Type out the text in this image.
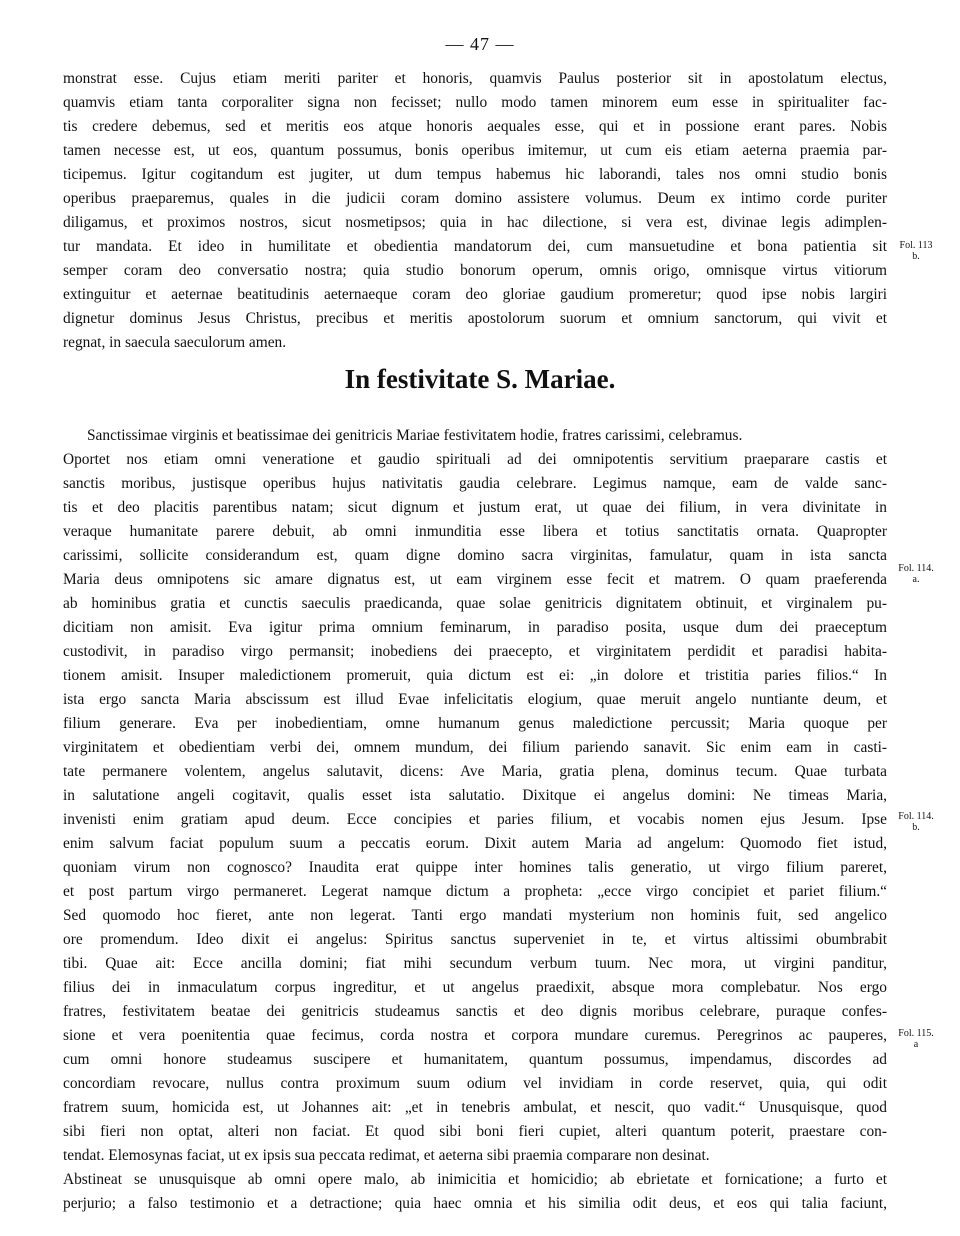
— 47 —
monstrat esse. Cujus etiam meriti pariter et honoris, quamvis Paulus posterior sit in apostolatum electus,
quamvis etiam tanta corporaliter signa non fecisset; nullo modo tamen minorem eum esse in spiritualiter fac-
tis credere debemus, sed et meritis eos atque honoris aequales esse, qui et in possione erant pares. Nobis
tamen necesse est, ut eos, quantum possumus, bonis operibus imitemur, ut cum eis etiam aeterna praemia par-
ticipemus. Igitur cogitandum est jugiter, ut dum tempus habemus hic laborandi, tales nos omni studio bonis
operibus praeparemus, quales in die judicii coram domino assistere volumus. Deum ex intimo corde puriter
diligamus, et proximos nostros, sicut nosmetipsos; quia in hac dilectione, si vera est, divinae legis adimplen-
tur mandata. Et ideo in humilitate et obedientia mandatorum dei, cum mansuetudine et bona patientia sit
semper coram deo conversatio nostra; quia studio bonorum operum, omnis origo, omnisque virtus vitiorum
extinguitur et aeternae beatitudinis aeternaeque coram deo gloriae gaudium promeretur; quod ipse nobis largiri
dignetur dominus Jesus Christus, precibus et meritis apostolorum suorum et omnium sanctorum, qui vivit et
regnat, in saecula saeculorum amen.
In festivitate S. Mariae.
Sanctissimae virginis et beatissimae dei genitricis Mariae festivitatem hodie, fratres carissimi, celebramus.
Oportet nos etiam omni veneratione et gaudio spirituali ad dei omnipotentis servitium praeparare castis et
sanctis moribus, justisque operibus hujus nativitatis gaudia celebrare. Legimus namque, eam de valde sanc-
tis et deo placitis parentibus natam; sicut dignum et justum erat, ut quae dei filium, in vera divinitate in
veraque humanitate parere debuit, ab omni inmunditia esse libera et totius sanctitatis ornata. Quapropter
carissimi, sollicite considerandum est, quam digne domino sacra virginitas, famulatur, quam in ista sancta
Maria deus omnipotens sic amare dignatus est, ut eam virginem esse fecit et matrem. O quam praeferenda
ab hominibus gratia et cunctis saeculis praedicanda, quae solae genitricis dignitatem obtinuit, et virginalem pu-
dicitiam non amisit. Eva igitur prima omnium feminarum, in paradiso posita, usque dum dei praeceptum
custodivit, in paradiso virgo permansit; inobediens dei praecepto, et virginitatem perdidit et paradisi habita-
tionem amisit. Insuper maledictionem promeruit, quia dictum est ei: „in dolore et tristitia paries filios.“ In
ista ergo sancta Maria abscissum est illud Evae infelicitatis elogium, quae meruit angelo nuntiante deum, et
filium generare. Eva per inobedientiam, omne humanum genus maledictione percussit; Maria quoque per
virginitatem et obedientiam verbi dei, omnem mundum, dei filium pariendo sanavit. Sic enim eam in casti-
tate permanere volentem, angelus salutavit, dicens: Ave Maria, gratia plena, dominus tecum. Quae turbata
in salutatione angeli cogitavit, qualis esset ista salutatio. Dixitque ei angelus domini: Ne timeas Maria,
invenisti enim gratiam apud deum. Ecce concipies et paries filium, et vocabis nomen ejus Jesum. Ipse
enim salvum faciat populum suum a peccatis eorum. Dixit autem Maria ad angelum: Quomodo fiet istud,
quoniam virum non cognosco? Inaudita erat quippe inter homines talis generatio, ut virgo filium pareret,
et post partum virgo permaneret. Legerat namque dictum a propheta: „ecce virgo concipiet et pariet filium.“
Sed quomodo hoc fieret, ante non legerat. Tanti ergo mandati mysterium non hominis fuit, sed angelico
ore promendum. Ideo dixit ei angelus: Spiritus sanctus superveniet in te, et virtus altissimi obumbrabit
tibi. Quae ait: Ecce ancilla domini; fiat mihi secundum verbum tuum. Nec mora, ut virgini panditur,
filius dei in inmaculatum corpus ingreditur, et ut angelus praedixit, absque mora complebatur. Nos ergo
fratres, festivitatem beatae dei genitricis studeamus sanctis et deo dignis moribus celebrare, puraque confes-
sione et vera poenitentia quae fecimus, corda nostra et corpora mundare curemus. Peregrinos ac pauperes,
cum omni honore studeamus suscipere et humanitatem, quantum possumus, impendamus, discordes ad
concordiam revocare, nullus contra proximum suum odium vel invidiam in corde reservet, quia, qui odit
fratrem suum, homicida est, ut Johannes ait: „et in tenebris ambulat, et nescit, quo vadit.“ Unusquisque, quod
sibi fieri non optat, alteri non faciat. Et quod sibi boni fieri cupiet, alteri quantum poterit, praestare con-
tendat. Elemosynas faciat, ut ex ipsis sua peccata redimat, et aeterna sibi praemia comparare non desinat.
Abstineat se unusquisque ab omni opere malo, ab inimicitia et homicidio; ab ebrietate et fornicatione; a furto et
perjurio; a falso testimonio et a detractione; quia haec omnia et his similia odit deus, et eos qui talia faciunt,
Fol. 113
b.
Fol. 114.
a.
Fol. 114.
b.
Fol. 115.
a
